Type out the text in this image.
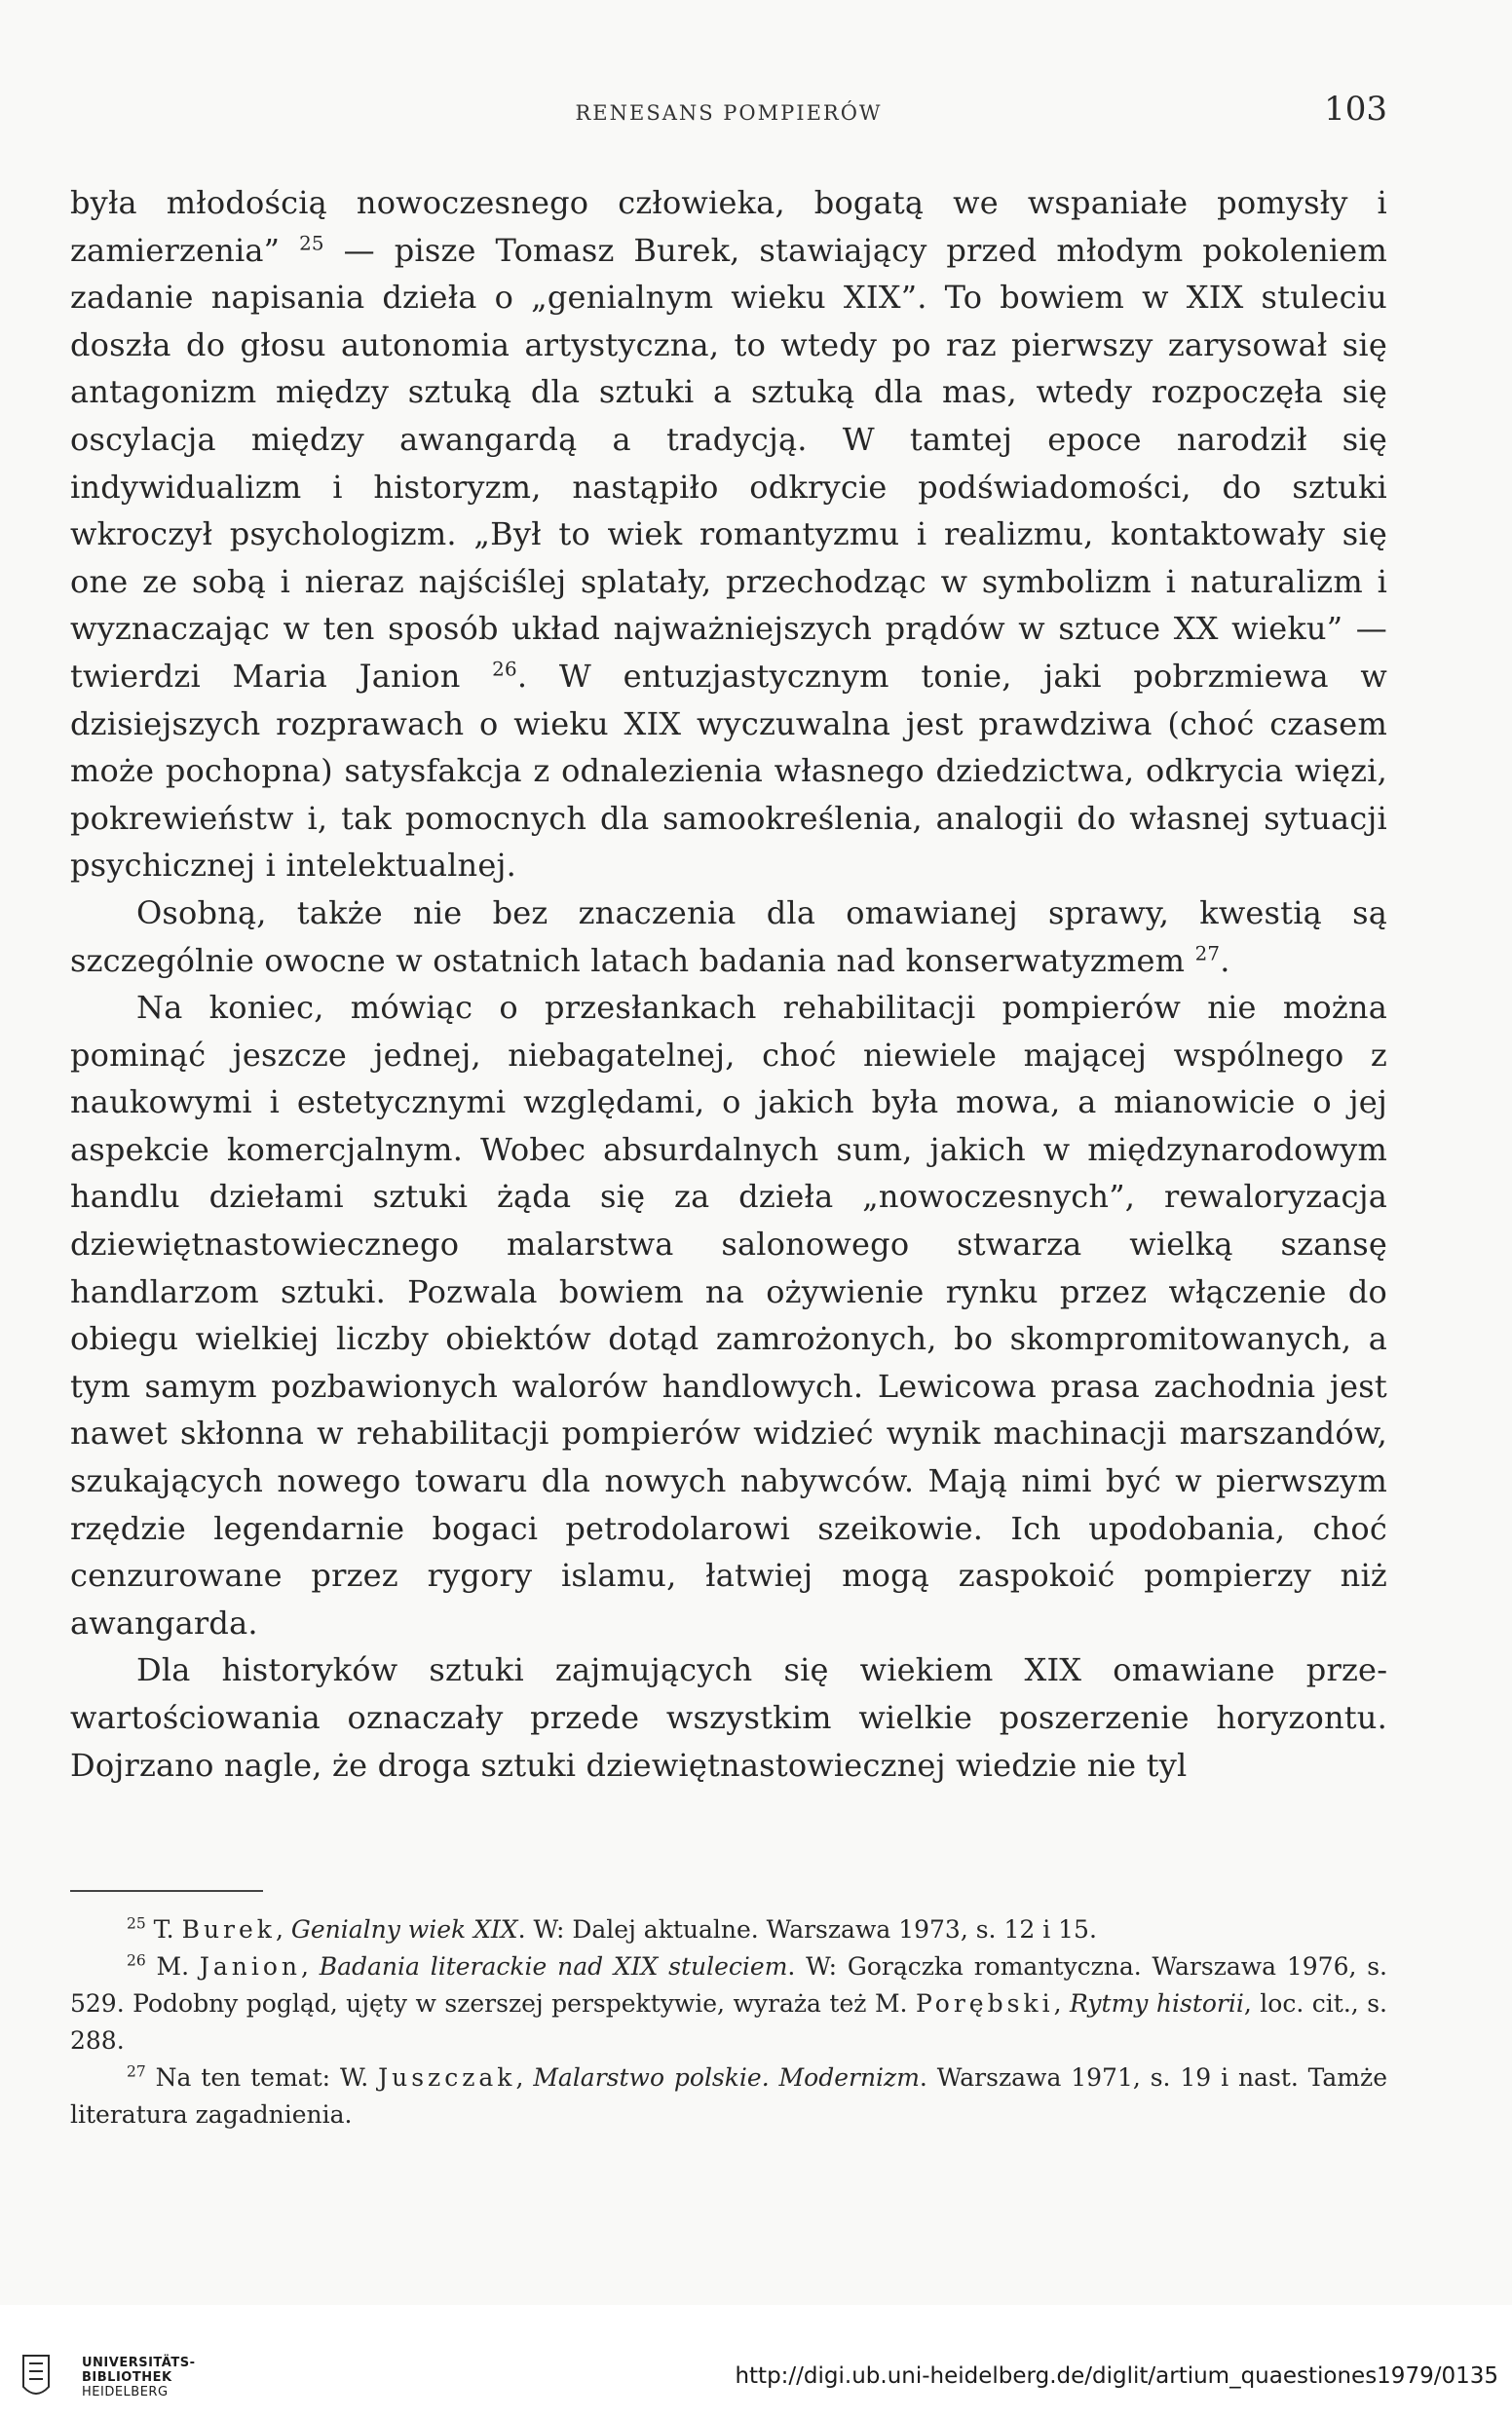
RENESANS POMPIERÓW	103

była młodością nowoczesnego człowieka, bogatą we wspaniałe pomysły i zamierzenia” $^{25}$ — pisze Tomasz Burek, stawiający przed młodym pokoleniem zadanie napisania dzieła o „genialnym wieku XIX”. To bowiem w XIX stuleciu doszła do głosu autonomia artystyczna, to wtedy po raz pierwszy zarysował się antagonizm między sztuką dla sztuki a sztuką dla mas, wtedy rozpoczęła się oscylacja między awangardą a tradycją. W tamtej epoce narodził się indywidualizm i historyzm, nastąpiło odkrycie podświadomości, do sztuki wkroczył psychologizm. „Był to wiek romantyzmu i realizmu, kontaktowały się one ze sobą i nieraz najściślej splatały, przechodząc w symbolizm i naturalizm i wyznaczając w ten sposób układ najważniejszych prądów w sztuce XX wieku” — twierdzi Maria Janion $^{26}$. W entuzjastycznym tonie, jaki pobrzmiewa w dzisiejszych rozprawach o wieku XIX wyczuwalna jest prawdziwa (choć czasem może pochopna) satysfakcja z odnalezienia własnego dziedzictwa, odkrycia więzi, pokrewieństw i, tak pomocnych dla samookreślenia, analogii do własnej sytuacji psychicznej i intelektualnej.

Osobną, także nie bez znaczenia dla omawianej sprawy, kwestią są szczególnie owocne w ostatnich latach badania nad konserwatyzmem $^{27}$.

Na koniec, mówiąc o przesłankach rehabilitacji pompierów nie można pominąć jeszcze jednej, niebagatelnej, choć niewiele mającej wspólnego z naukowymi i estetycznymi względami, o jakich była mowa, a mianowicie o jej aspekcie komercjalnym. Wobec absurdalnych sum, jakich w międzynarodowym handlu dziełami sztuki żąda się za dzieła „nowoczesnych”, rewaloryzacja dziewiętnastowiecznego malarstwa salonowego stwarza wielką szansę handlarzom sztuki. Pozwala bowiem na ożywienie rynku przez włączenie do obiegu wielkiej liczby obiektów dotąd zamrożonych, bo skompromitowanych, a tym samym pozbawionych walorów handlowych. Lewicowa prasa zachodnia jest nawet skłonna w rehabilitacji pompierów widzieć wynik machinacji marszandów, szukających nowego towaru dla nowych nabywców. Mają nimi być w pierwszym rzędzie legendarnie bogaci petrodolarowi szeikowie. Ich upodobania, choć cenzurowane przez rygory islamu, łatwiej mogą zaspokoić pompierzy niż awangarda.

Dla historyków sztuki zajmujących się wiekiem XIX omawiane przewartościowania oznaczały przede wszystkim wielkie poszerzenie horyzontu. Dojrzano nagle, że droga sztuki dziewiętnastowiecznej wiedzie nie tyl

$^{25}$ T. Burek, Genialny wiek XIX. W: Dalej aktualne. Warszawa 1973, s. 12 i 15.

$^{26}$ M. Janion, Badania literackie nad XIX stuleciem. W: Gorączka romantyczna. Warszawa 1976, s. 529. Podobny pogląd, ujęty w szerszej perspektywie, wyraża też M. Porębski, Rytmy historii, loc. cit., s. 288.

$^{27}$ Na ten temat: W. Juszczak, Malarstwo polskie. Modernizm. Warszawa 1971, s. 19 i nast. Tamże literatura zagadnienia.

UNIVERSITÄTS-
BIBLIOTHEK
HEIDELBERG
http://digi.ub.uni-heidelberg.de/diglit/artium_quaestiones1979/0135
